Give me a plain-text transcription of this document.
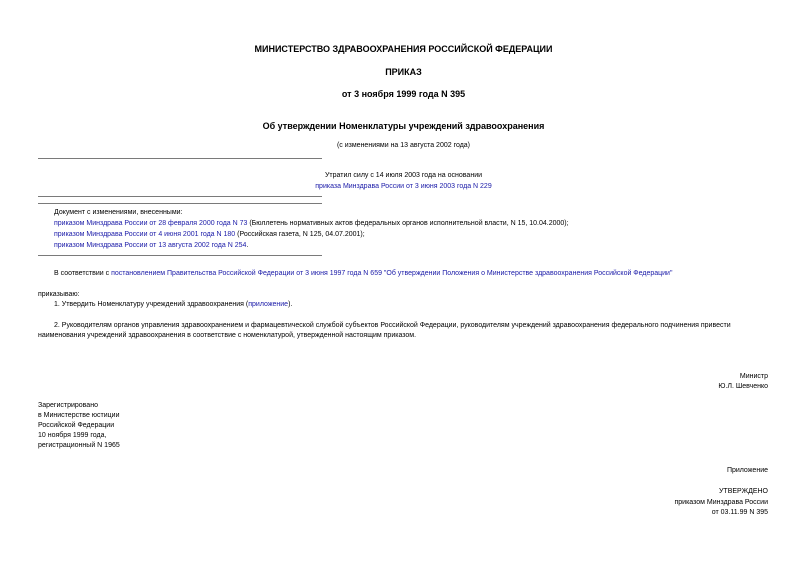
МИНИСТЕРСТВО ЗДРАВООХРАНЕНИЯ РОССИЙСКОЙ ФЕДЕРАЦИИ
ПРИКАЗ
от 3 ноября 1999 года N 395
Об утверждении Номенклатуры учреждений здравоохранения
(с изменениями на 13 августа 2002 года)
Утратил силу с 14 июля 2003 года на основании
приказа Минздрава России от 3 июня 2003 года N 229
Документ с изменениями, внесенными:
приказом Минздрава России от 28 февраля 2000 года N 73 (Бюллетень нормативных актов федеральных органов исполнительной власти, N 15, 10.04.2000);
приказом Минздрава России от 4 июня 2001 года N 180 (Российская газета, N 125, 04.07.2001);
приказом Минздрава России от 13 августа 2002 года N 254.
В соответствии с постановлением Правительства Российской Федерации от 3 июня 1997 года N 659 "Об утверждении Положения о Министерстве здравоохранения Российской Федерации"
приказываю:
1. Утвердить Номенклатуру учреждений здравоохранения (приложение).
2. Руководителям органов управления здравоохранением и фармацевтической службой субъектов Российской Федерации, руководителям учреждений здравоохранения федерального подчинения привести
наименования учреждений здравоохранения в соответствие с номенклатурой, утвержденной настоящим приказом.
Министр
Ю.Л. Шевченко
Зарегистрировано
в Министерстве юстиции
Российской Федерации
10 ноября 1999 года,
регистрационный N 1965
Приложение
УТВЕРЖДЕНО
приказом Минздрава России
от 03.11.99 N 395
